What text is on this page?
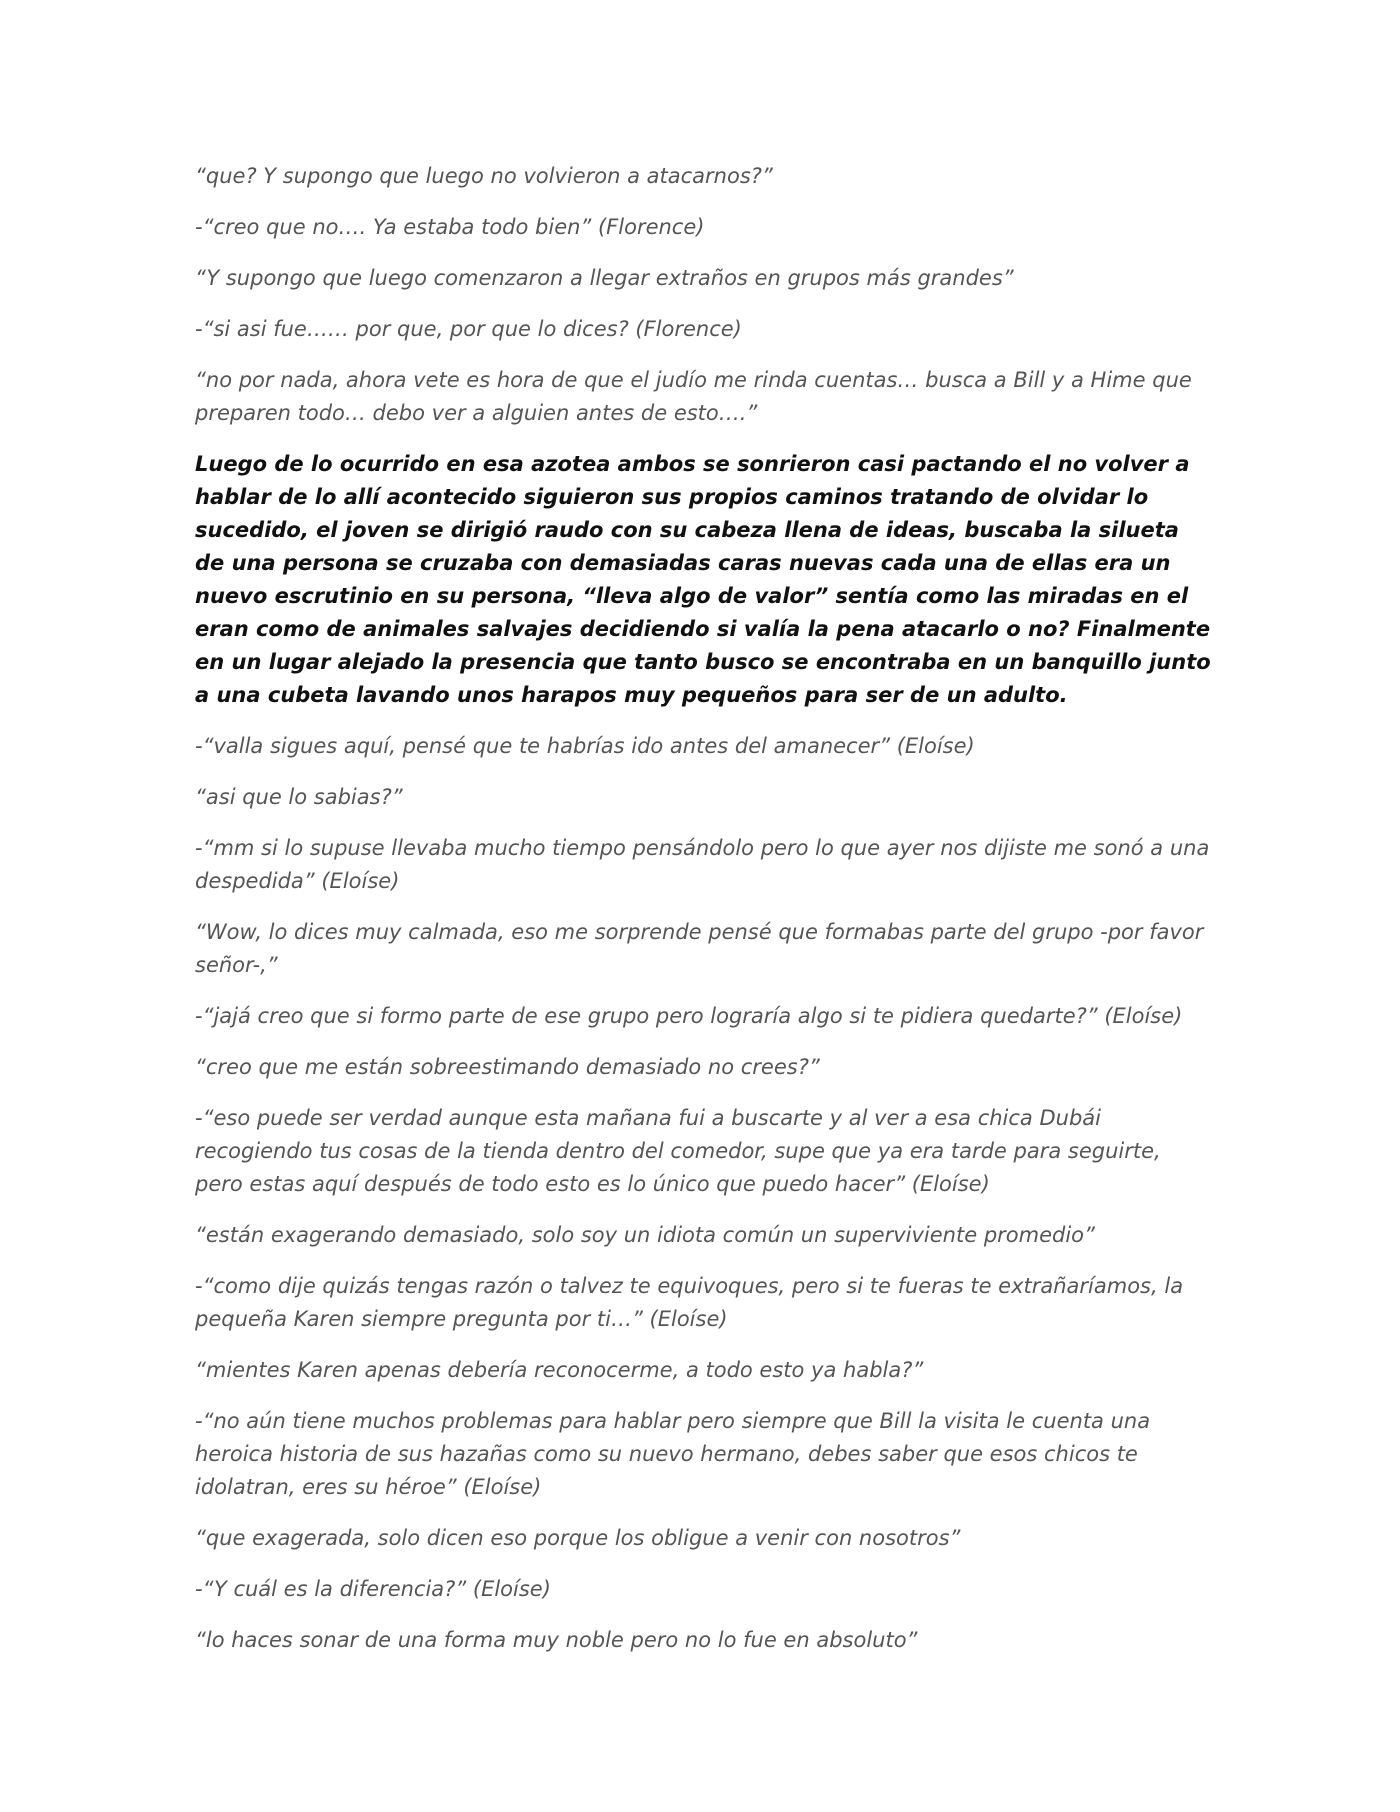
“que? Y supongo que luego no volvieron a atacarnos?”

-“creo que no…. Ya estaba todo bien” (Florence)

“Y supongo que luego comenzaron a llegar extraños en grupos más grandes”

-“si asi fue…… por que, por que lo dices? (Florence)

“no por nada, ahora vete es hora de que el judío me rinda cuentas… busca a Bill y a Hime que preparen todo… debo ver a alguien antes de esto….”

Luego de lo ocurrido en esa azotea ambos se sonrieron casi pactando el no volver a hablar de lo allí acontecido siguieron sus propios caminos tratando de olvidar lo sucedido, el joven se dirigió raudo con su cabeza llena de ideas, buscaba la silueta de una persona se cruzaba con demasiadas caras nuevas cada una de ellas era un nuevo escrutinio en su persona, “lleva algo de valor” sentía como las miradas en el eran como de animales salvajes decidiendo si valía la pena atacarlo o no? Finalmente en un lugar alejado la presencia que tanto busco se encontraba en un banquillo junto a una cubeta lavando unos harapos muy pequeños para ser de un adulto.

-“valla sigues aquí, pensé que te habrías ido antes del amanecer” (Eloíse)

“asi que lo sabias?”

-“mm si lo supuse llevaba mucho tiempo pensándolo pero lo que ayer nos dijiste me sonó a una despedida” (Eloíse)

“Wow, lo dices muy calmada, eso me sorprende pensé que formabas parte del grupo -por favor señor-,”

-“jajá creo que si formo parte de ese grupo pero lograría algo si te pidiera quedarte?” (Eloíse)

“creo que me están sobreestimando demasiado no crees?”

-“eso puede ser verdad aunque esta mañana fui a buscarte y al ver a esa chica Dubái recogiendo tus cosas de la tienda dentro del comedor, supe que ya era tarde para seguirte, pero estas aquí después de todo esto es lo único que puedo hacer” (Eloíse)

“están exagerando demasiado, solo soy un idiota común un superviviente promedio”

-“como dije quizás tengas razón o talvez te equivoques, pero si te fueras te extrañaríamos, la pequeña Karen siempre pregunta por ti…” (Eloíse)

“mientes Karen apenas debería reconocerme, a todo esto ya habla?”

-“no aún tiene muchos problemas para hablar pero siempre que Bill la visita le cuenta una heroica historia de sus hazañas como su nuevo hermano, debes saber que esos chicos te idolatran, eres su héroe” (Eloíse)

“que exagerada, solo dicen eso porque los obligue a venir con nosotros”

-“Y cuál es la diferencia?” (Eloíse)

“lo haces sonar de una forma muy noble pero no lo fue en absoluto”
